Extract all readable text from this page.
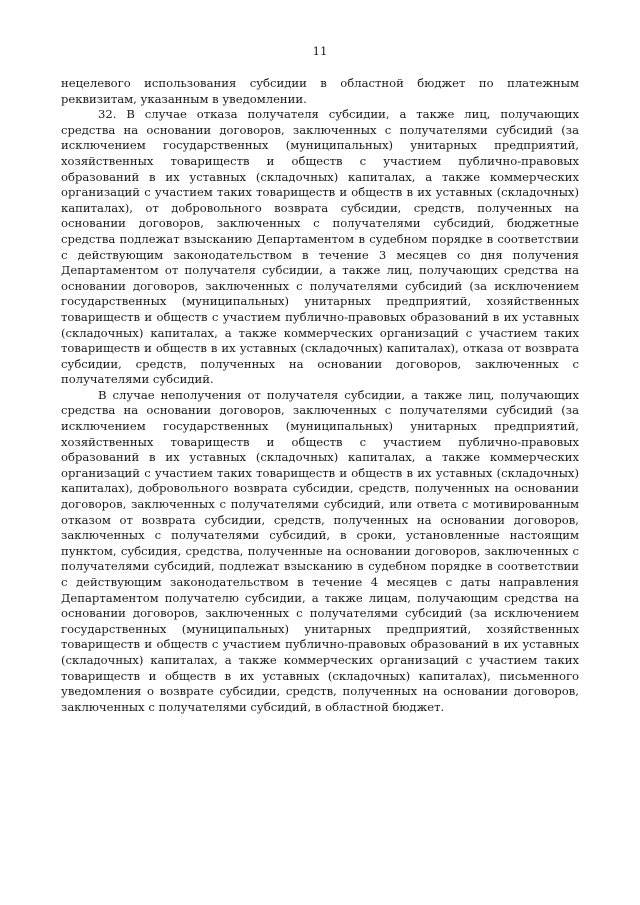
11

нецелевого использования субсидии в областной бюджет по платежным реквизитам, указанным в уведомлении.

32. В случае отказа получателя субсидии, а также лиц, получающих средства на основании договоров, заключенных с получателями субсидий (за исключением государственных (муниципальных) унитарных предприятий, хозяйственных товариществ и обществ с участием публично-правовых образований в их уставных (складочных) капиталах, а также коммерческих организаций с участием таких товариществ и обществ в их уставных (складочных) капиталах), от добровольного возврата субсидии, средств, полученных на основании договоров, заключенных с получателями субсидий, бюджетные средства подлежат взысканию Департаментом в судебном порядке в соответствии с действующим законодательством в течение 3 месяцев со дня получения Департаментом от получателя субсидии, а также лиц, получающих средства на основании договоров, заключенных с получателями субсидий (за исключением государственных (муниципальных) унитарных предприятий, хозяйственных товариществ и обществ с участием публично-правовых образований в их уставных (складочных) капиталах, а также коммерческих организаций с участием таких товариществ и обществ в их уставных (складочных) капиталах), отказа от возврата субсидии, средств, полученных на основании договоров, заключенных с получателями субсидий.

В случае неполучения от получателя субсидии, а также лиц, получающих средства на основании договоров, заключенных с получателями субсидий (за исключением государственных (муниципальных) унитарных предприятий, хозяйственных товариществ и обществ с участием публично-правовых образований в их уставных (складочных) капиталах, а также коммерческих организаций с участием таких товариществ и обществ в их уставных (складочных) капиталах), добровольного возврата субсидии, средств, полученных на основании договоров, заключенных с получателями субсидий, или ответа с мотивированным отказом от возврата субсидии, средств, полученных на основании договоров, заключенных с получателями субсидий, в сроки, установленные настоящим пунктом, субсидия, средства, полученные на основании договоров, заключенных с получателями субсидий, подлежат взысканию в судебном порядке в соответствии с действующим законодательством в течение 4 месяцев с даты направления Департаментом получателю субсидии, а также лицам, получающим средства на основании договоров, заключенных с получателями субсидий (за исключением государственных (муниципальных) унитарных предприятий, хозяйственных товариществ и обществ с участием публично-правовых образований в их уставных (складочных) капиталах, а также коммерческих организаций с участием таких товариществ и обществ в их уставных (складочных) капиталах), письменного уведомления о возврате субсидии, средств, полученных на основании договоров, заключенных с получателями субсидий, в областной бюджет.
